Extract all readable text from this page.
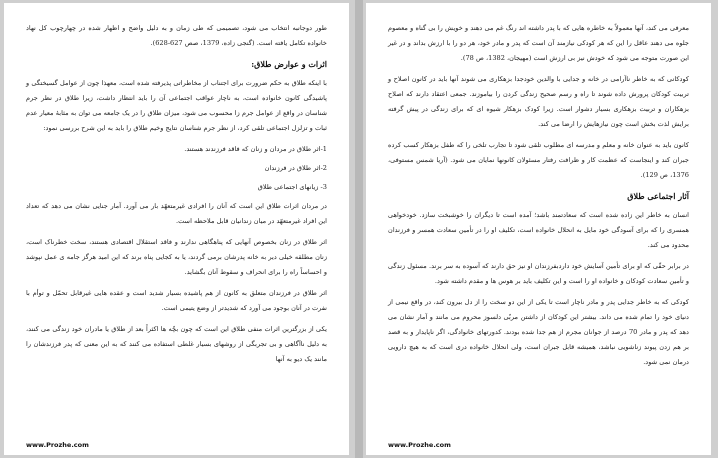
طور دوجانبه انتخاب می شود، تصمیمی که طی زمان و به دلیل واضح و اظهار شده در چهارچوب کل نهاد خانواده تکامل یافته است. (گنجی زاده، 1379، صص 627-628).

اثرات و عوارض طلاق:

با اینکه طلاق به حکم ضرورت برای اجتناب از مخاطراتی پذیرفته شده است، معهذا چون از عوامل گسیختگی و پاشیدگی کانون خانواده است، به ناچار عواقب اجتماعی آن را باید انتظار داشت، زیرا طلاق در نظر جرم شناسان در واقع از عوامل جرم زا محسوب می شود، میزان طلاق را در یک جامعه می توان به مثابهٔ معیار عدم ثبات و تزلزل اجتماعی تلقی کرد، از نظر جرم شناسان نتایج وخیم طلاق را باید به این شرح بررسی نمود:

1-اثر طلاق در مردان و زنان که فاقد فرزندند هستند.
2-اثر طلاق در فرزندان
3- زیانهای اجتماعی طلاق

در مردان اثرات طلاق این است که آنان را افرادی غیرمتعهّد بار می آورد. آمار جنایی نشان می دهد که تعداد این افراد غیرمتعهّد در میان زندانیان قابل ملاحظه است.

اثر طلاق در زنان بخصوص آنهایی که پناهگاهی ندارند و فاقد استقلال اقتصادی هستند، سخت خطرناک است، زنان مطلقه خیلی دیر به خانه پدرشان برمی گردند، یا به کجایی پناه برند که این امید هرگز جامه ی عمل نپوشد و احساساً راه را برای انحراف و سقوط آنان بگشاید.

اثر طلاق در فرزندان متعلق به کانون از هم پاشیده بسیار شدید است و عقده هایی غیرقابل تحمّل و توأم با نفرت در آنان بوجود می آورد که شدیدتر از وضع یتیمی است.

یکی از بزرگترین اثرات منفی طلاق این است که چون بچّه ها اکثراً بعد از طلاق یا مادران خود زندگی می کنند، به دلیل ناآگاهی و بی تجربگی از روشهای بسیار غلطی استفاده می کنند که به این معنی که پدر فرزندشان را مانند یک دیو به آنها

www.Prozhe.com

معرفی می کند، آنها معمولاً به خاطره هایی که با پدر داشته اند رنگ غم می دهند و خویش را بی گناه و معصوم جلوه می دهند عاقل را این که هر کودکی نیازمند آن است که پدر و مادر خود، هر دو را با ارزش بداند و در غیر این صورت متوجه می شود که خودش نیز بی ارزش است (مهیجان، 1382، ص 78).

کودکانی که به خاطر ناآرامی در خانه و جدایی با والدین خودجدا بزهکاری می شوند آنها باید در کانون اصلاح و تربیت کودکان پرورش داده شوند تا راه و رسم صحیح زندگی کردن را بیاموزند. جمعی اعتقاد دارند که اصلاح بزهکاران و تربیت بزهکاری بسیار دشوار است. زیرا کودک بزهکار شیوه ای که برای زندگی در پیش گرفته برایش لذت بخش است چون نیازهایش را ارضا می کند.

کانون باید به عنوان خانه و معلم و مدرسه ای مطلوب تلقی شود تا تجارب تلخی را که طفل بزهکار کسب کرده جبران کند و اینجاست که عظمت کار و ظرافت رفتار مسئولان کانونها نمایان می شود. (آریا شمس مستوفی، 1376، ص 129).

آثار اجتماعی طلاق

انسان به خاطر این زاده شده است که سعادتمند باشد؛ آمده است تا دیگران را خوشبخت سازد. خودخواهی همسری را که برای آسودگی خود مایل به انحلال خانواده است، تکلیف او را در تأمین سعادت همسر و فرزندان محدود می کند.

در برابر حقّی که او برای تأمین آسایش خود داردبفرزندان او نیز حق دارند که آسوده به سر برند. مسئول زندگی و تأمین سعادت کودکان و خانواده او را است و این تکلیف باید بر هوس ها و مقدم داشته شود.

کودکی که به خاطر جدایی پدر و مادر ناچار است تا یکی از این دو سخت را از دل بیرون کند، در واقع نیمی از دنیای خود را تمام شده می داند. بیشتر این کودکان از داشتن مربّی دلسوز محروم می مانند و آمار نشان می دهد که پدر و مادر 70 درصد از جوانان مجرم از هم جدا شده بودند. کدورتهای خانوادگی، اگر ناپایدار و به قصد بر هم زدن پیوند زناشویی نباشد، همیشه قابل جبران است، ولی انحلال خانواده دری است که به هیچ دارویی درمان نمی شود.

www.Prozhe.com
